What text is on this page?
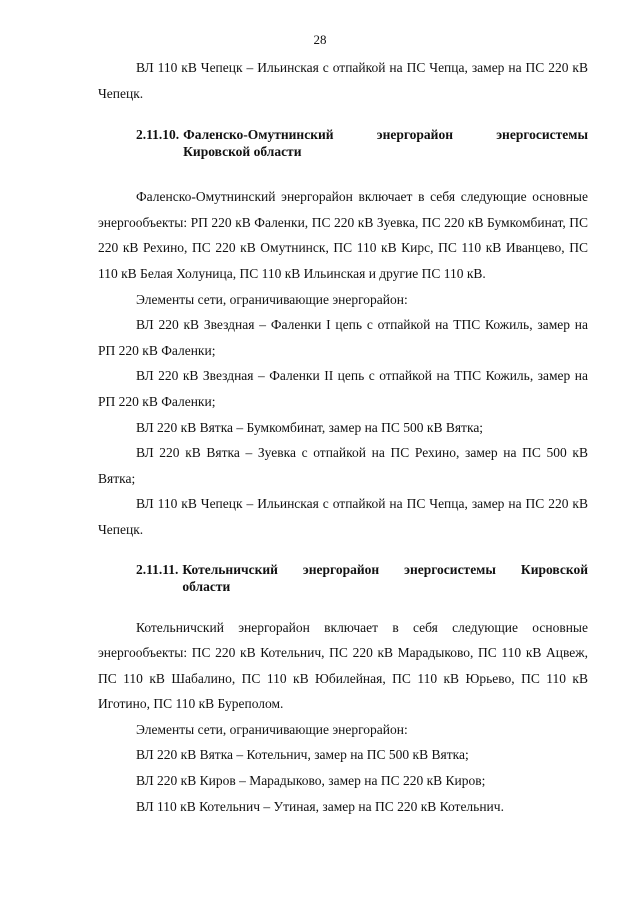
28

ВЛ 110 кВ Чепецк – Ильинская с отпайкой на ПС Чепца, замер на ПС 220 кВ Чепецк.

2.11.10. Фаленско-Омутнинский энергорайон энергосистемы
Кировской области

Фаленско-Омутнинский энергорайон включает в себя следующие основные энергообъекты: РП 220 кВ Фаленки, ПС 220 кВ Зуевка, ПС 220 кВ Бумкомбинат, ПС 220 кВ Рехино, ПС 220 кВ Омутнинск, ПС 110 кВ Кирс, ПС 110 кВ Иванцево, ПС 110 кВ Белая Холуница, ПС 110 кВ Ильинская и другие ПС 110 кВ.

Элементы сети, ограничивающие энергорайон:

ВЛ 220 кВ Звездная – Фаленки I цепь с отпайкой на ТПС Кожиль, замер на РП 220 кВ Фаленки;

ВЛ 220 кВ Звездная – Фаленки II цепь с отпайкой на ТПС Кожиль, замер на РП 220 кВ Фаленки;

ВЛ 220 кВ Вятка – Бумкомбинат, замер на ПС 500 кВ Вятка;

ВЛ 220 кВ Вятка – Зуевка с отпайкой на ПС Рехино, замер на ПС 500 кВ Вятка;

ВЛ 110 кВ Чепецк – Ильинская с отпайкой на ПС Чепца, замер на ПС 220 кВ Чепецк.

2.11.11. Котельничский энергорайон энергосистемы Кировской
области

Котельничский энергорайон включает в себя следующие основные энергообъекты: ПС 220 кВ Котельнич, ПС 220 кВ Марадыково, ПС 110 кВ Ацвеж, ПС 110 кВ Шабалино, ПС 110 кВ Юбилейная, ПС 110 кВ Юрьево, ПС 110 кВ Иготино, ПС 110 кВ Буреполом.

Элементы сети, ограничивающие энергорайон:

ВЛ 220 кВ Вятка – Котельнич, замер на ПС 500 кВ Вятка;

ВЛ 220 кВ Киров – Марадыково, замер на ПС 220 кВ Киров;

ВЛ 110 кВ Котельнич – Утиная, замер на ПС 220 кВ Котельнич.
